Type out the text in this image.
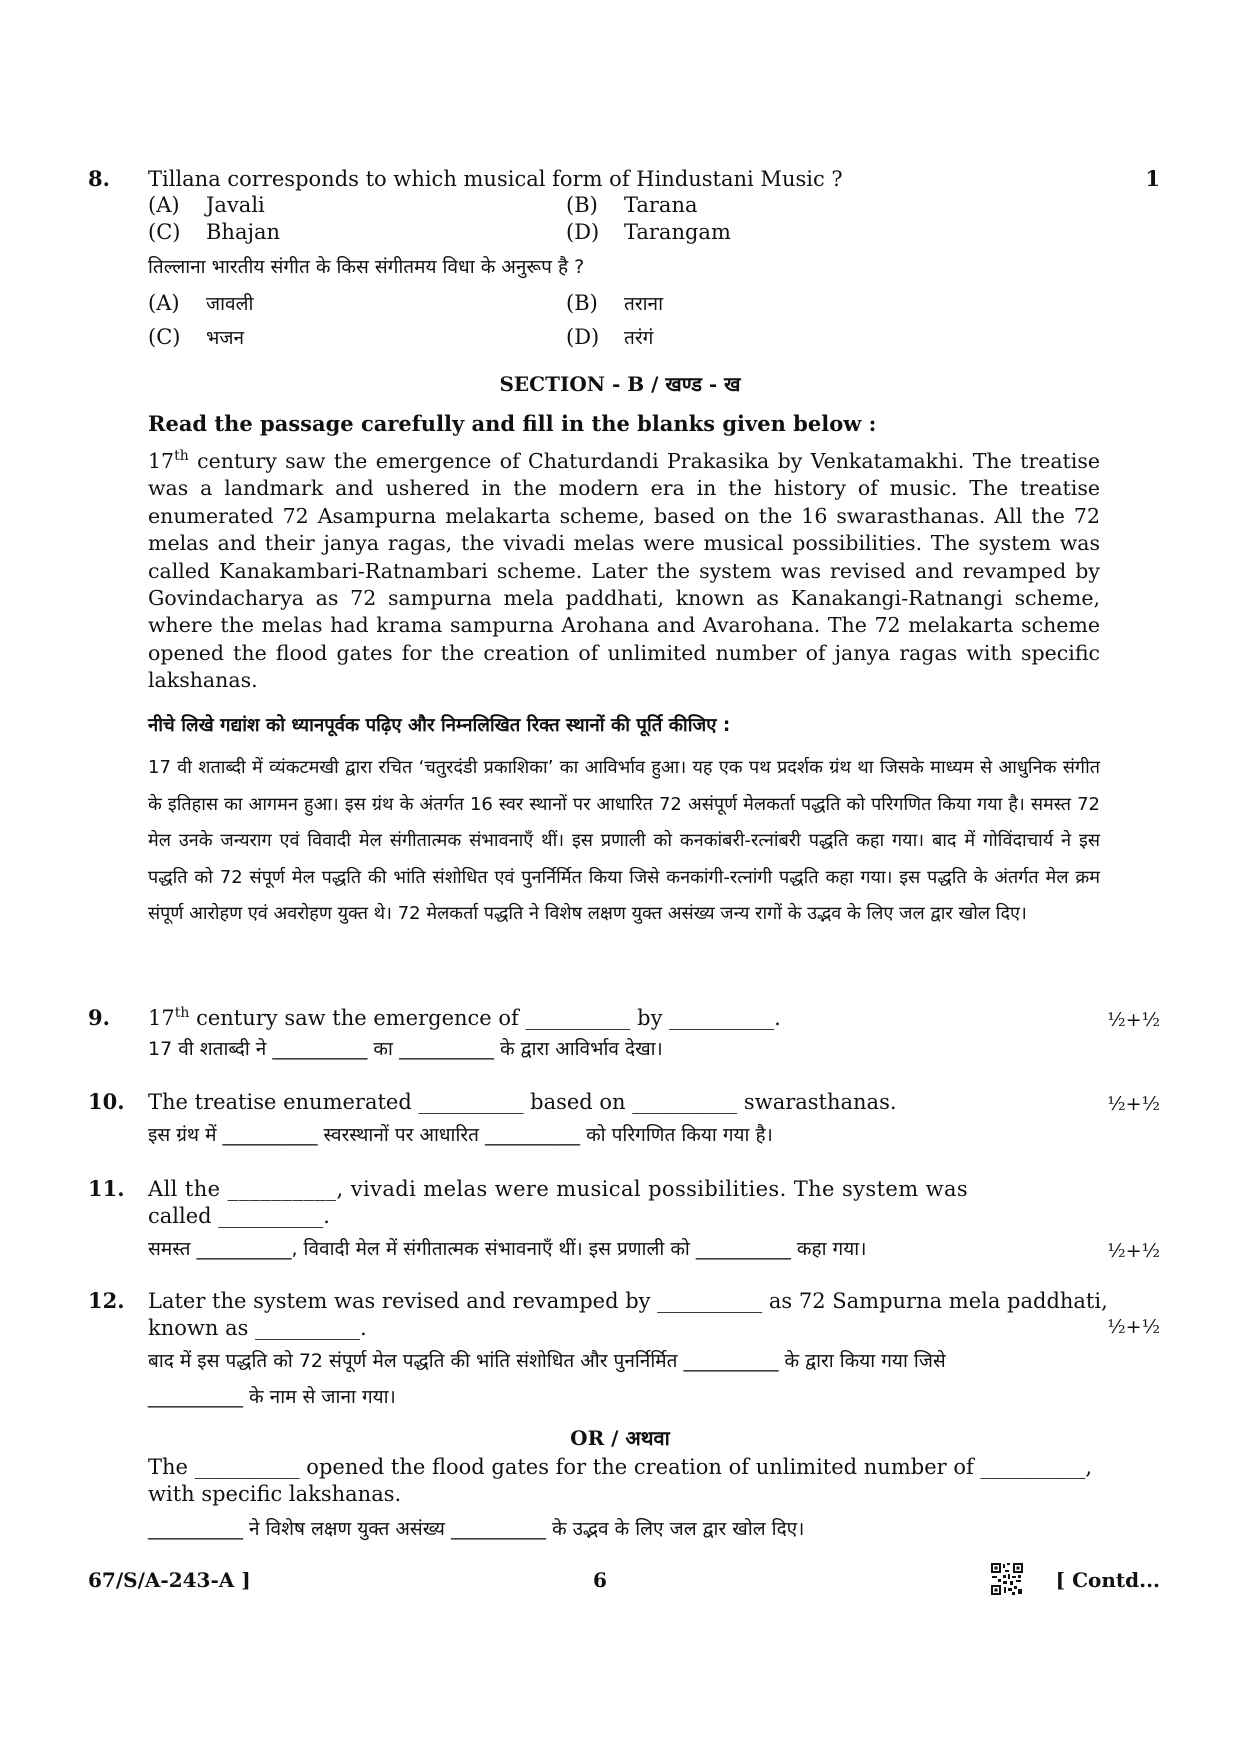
8. Tillana corresponds to which musical form of Hindustani Music ?	1
(A) Javali	(B) Tarana
(C) Bhajan	(D) Tarangam
तिल्लाना भारतीय संगीत के किस संगीतमय विधा के अनुरूप है ?
(A) जावली	(B) तराना
(C) भजन	(D) तरंगं
SECTION - B / खण्ड - ख
Read the passage carefully and fill in the blanks given below :
17th century saw the emergence of Chaturdandi Prakasika by Venkatamakhi. The treatise was a landmark and ushered in the modern era in the history of music. The treatise enumerated 72 Asampurna melakarta scheme, based on the 16 swarasthanas. All the 72 melas and their janya ragas, the vivadi melas were musical possibilities. The system was called Kanakambari-Ratnambari scheme. Later the system was revised and revamped by Govindacharya as 72 sampurna mela paddhati, known as Kanakangi-Ratnangi scheme, where the melas had krama sampurna Arohana and Avarohana. The 72 melakarta scheme opened the flood gates for the creation of unlimited number of janya ragas with specific lakshanas.
नीचे लिखे गद्यांश को ध्यानपूर्वक पढ़िए और निम्नलिखित रिक्त स्थानों की पूर्ति कीजिए :
17 वी शताब्दी में व्यंकटमखी द्वारा रचित ‘चतुरदंडी प्रकाशिका’ का आविर्भाव हुआ। यह एक पथ प्रदर्शक ग्रंथ था जिसके माध्यम से आधुनिक संगीत के इतिहास का आगमन हुआ। इस ग्रंथ के अंतर्गत 16 स्वर स्थानों पर आधारित 72 असंपूर्ण मेलकर्ता पद्धति को परिगणित किया गया है। समस्त 72 मेल उनके जन्यराग एवं विवादी मेल संगीतात्मक संभावनाएँ थीं। इस प्रणाली को कनकांबरी-रत्नांबरी पद्धति कहा गया। बाद में गोविंदाचार्य ने इस पद्धति को 72 संपूर्ण मेल पद्धति की भांति संशोधित एवं पुनर्निर्मित किया जिसे कनकांगी-रत्नांगी पद्धति कहा गया। इस पद्धति के अंतर्गत मेल क्रम संपूर्ण आरोहण एवं अवरोहण युक्त थे। 72 मेलकर्ता पद्धति ने विशेष लक्षण युक्त असंख्य जन्य रागों के उद्भव के लिए जल द्वार खोल दिए।
9. 17th century saw the emergence of __________ by __________.	½+½
17 वी शताब्दी ने __________ का __________ के द्वारा आविर्भाव देखा।
10. The treatise enumerated __________ based on __________ swarasthanas.	½+½
इस ग्रंथ में __________ स्वरस्थानों पर आधारित __________ को परिगणित किया गया है।
11. All the __________, vivadi melas were musical possibilities. The system was
called __________.
समस्त __________, विवादी मेल में संगीतात्मक संभावनाएँ थीं। इस प्रणाली को __________ कहा गया।	½+½
12. Later the system was revised and revamped by __________ as 72 Sampurna mela paddhati,
known as __________.	½+½
बाद में इस पद्धति को 72 संपूर्ण मेल पद्धति की भांति संशोधित और पुनर्निर्मित __________ के द्वारा किया गया जिसे
__________ के नाम से जाना गया।
OR / अथवा
The __________ opened the flood gates for the creation of unlimited number of __________,
with specific lakshanas.
__________ ने विशेष लक्षण युक्त असंख्य __________ के उद्भव के लिए जल द्वार खोल दिए।
67/S/A-243-A ]	6	[ Contd...
